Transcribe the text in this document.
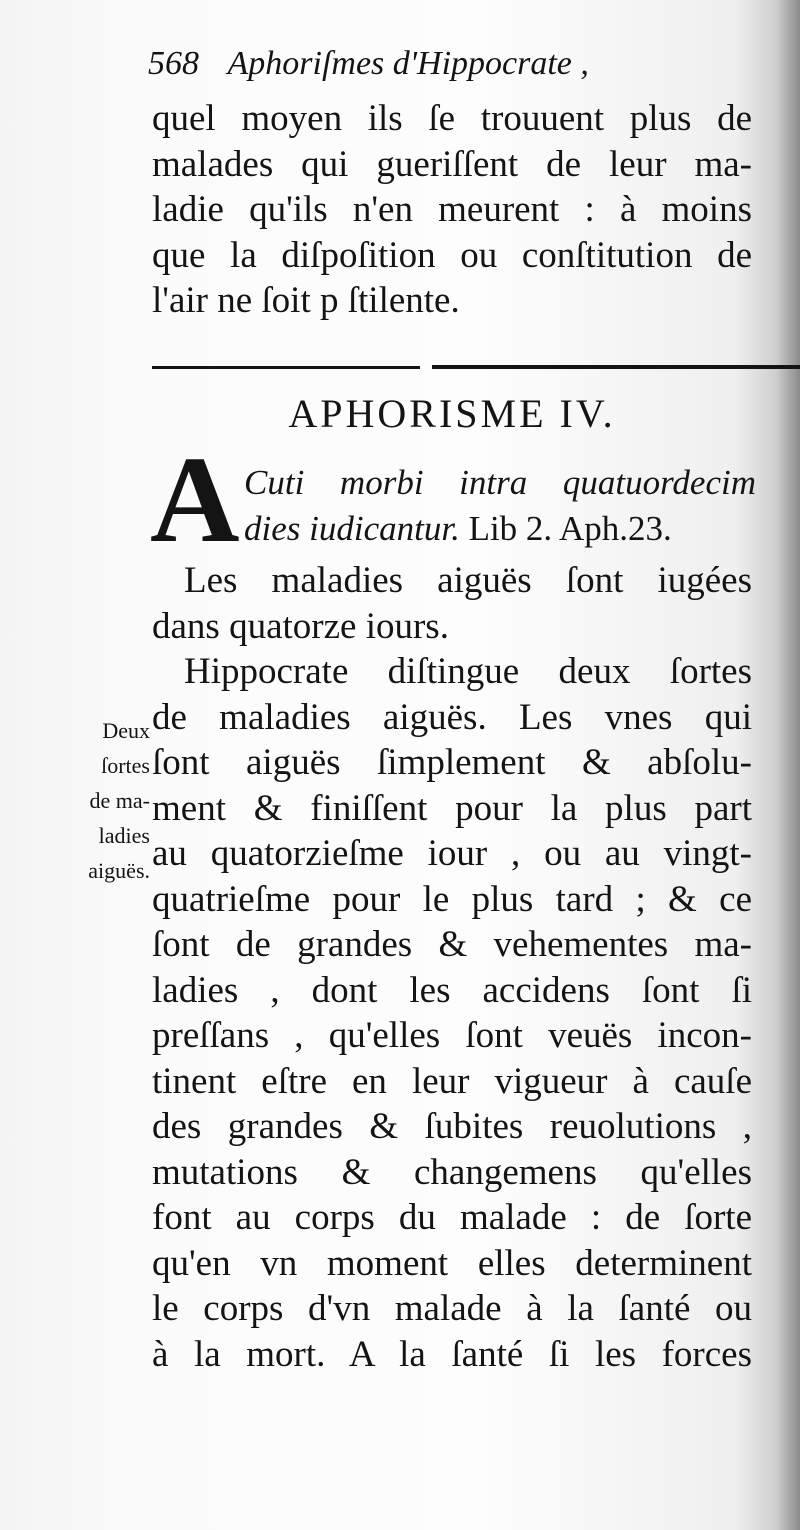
568 Aphoriſmes d'Hippocrate ,
quel moyen ils ſe trouuent plus de
malades qui gueriſſent de leur ma-
ladie qu'ils n'en meurent : à moins
que la diſpoſition ou conſtitution de
l'air ne ſoit p ſtilente.
APHORISME IV.
A Cuti morbi intra quatuordecim
dies iudicantur. Lib 2. Aph.23.
Les maladies aiguës ſont iugées
dans quatorze iours.
Hippocrate diſtingue deux ſortes
de maladies aiguës. Les vnes qui
ſont aiguës ſimplement & abſolu-
ment & finiſſent pour la plus part
au quatorzieſme iour , ou au vingt-
quatrieſme pour le plus tard ; & ce
ſont de grandes & vehementes ma-
ladies , dont les accidens ſont ſi
preſſans , qu'elles ſont veuës incon-
tinent eſtre en leur vigueur à cauſe
des grandes & ſubites reuolutions ,
mutations & changemens qu'elles
font au corps du malade : de ſorte
qu'en vn moment elles determinent
le corps d'vn malade à la ſanté ou
à la mort. A la ſanté ſi les forces
Deux
ſortes
de ma-
ladies
aiguës.
